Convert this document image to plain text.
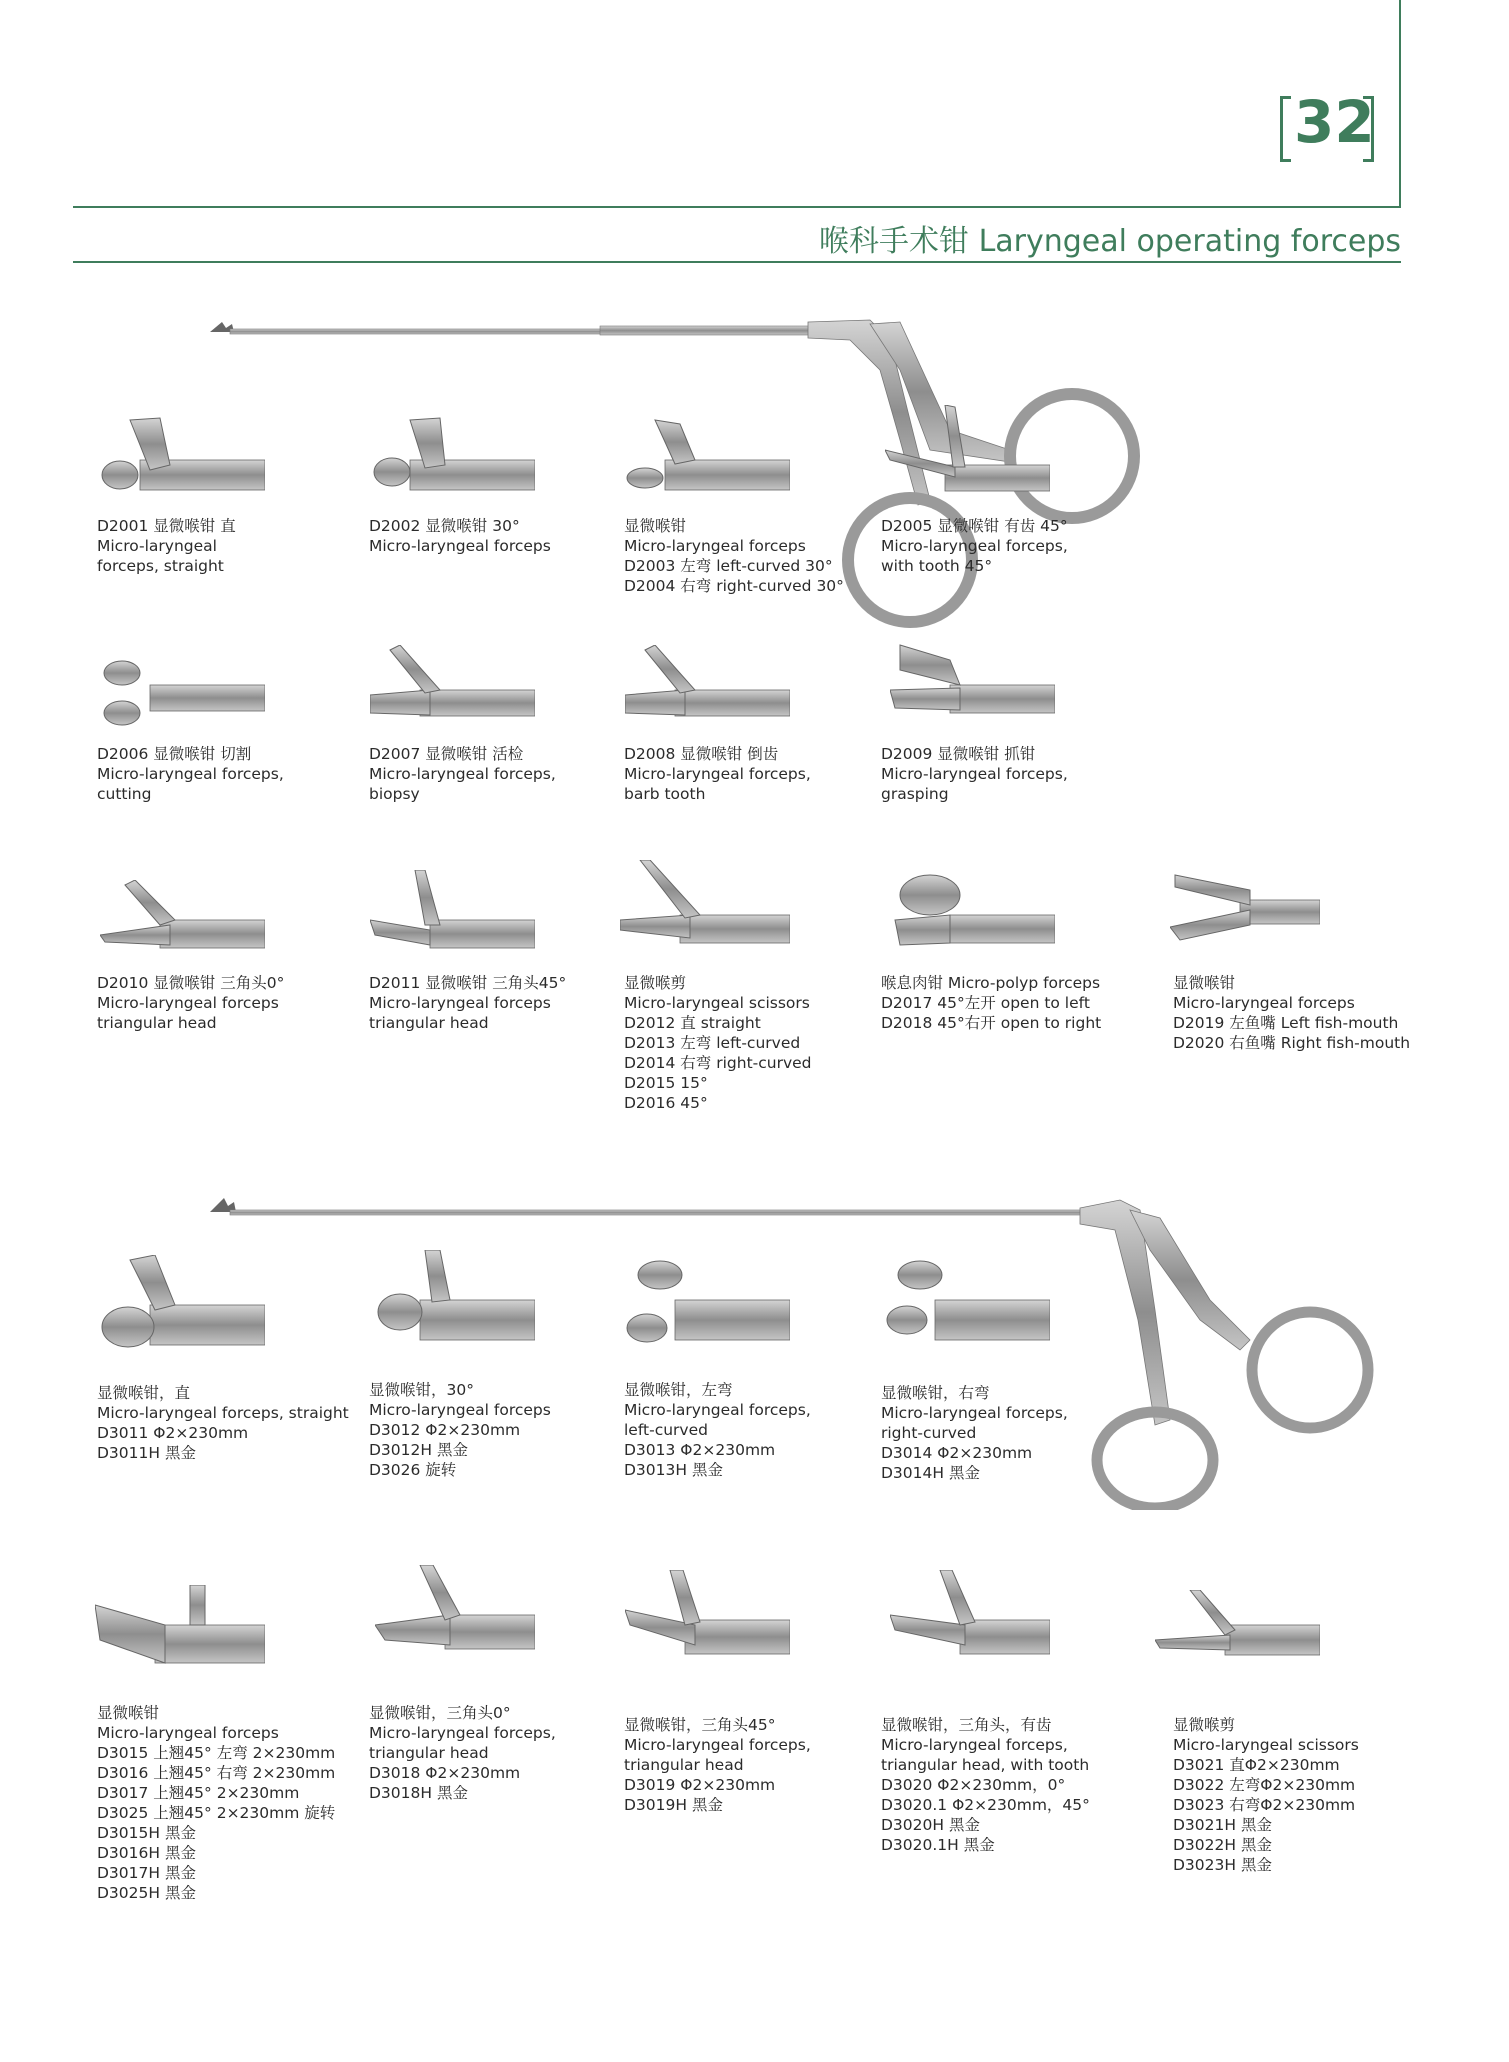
32
喉科手术钳 Laryngeal operating forceps
D2001 显微喉钳 直
Micro-laryngeal
forceps, straight
D2002 显微喉钳 30°
Micro-laryngeal forceps
显微喉钳
Micro-laryngeal forceps
D2003 左弯 left-curved 30°
D2004 右弯 right-curved 30°
D2005 显微喉钳 有齿 45°
Micro-laryngeal forceps,
with tooth 45°
D2006 显微喉钳 切割
Micro-laryngeal forceps,
cutting
D2007 显微喉钳 活检
Micro-laryngeal forceps,
biopsy
D2008 显微喉钳 倒齿
Micro-laryngeal forceps,
barb tooth
D2009 显微喉钳 抓钳
Micro-laryngeal forceps,
grasping
D2010 显微喉钳 三角头0°
Micro-laryngeal forceps
triangular head
D2011 显微喉钳 三角头45°
Micro-laryngeal forceps
triangular head
显微喉剪
Micro-laryngeal scissors
D2012 直 straight
D2013 左弯 left-curved
D2014 右弯 right-curved
D2015 15°
D2016 45°
喉息肉钳 Micro-polyp forceps
D2017 45°左开 open to left
D2018 45°右开 open to right
显微喉钳
Micro-laryngeal forceps
D2019 左鱼嘴 Left fish-mouth
D2020 右鱼嘴 Right fish-mouth
显微喉钳，直
Micro-laryngeal forceps, straight
D3011 Φ2×230mm
D3011H 黑金
显微喉钳，30°
Micro-laryngeal forceps
D3012 Φ2×230mm
D3012H 黑金
D3026 旋转
显微喉钳，左弯
Micro-laryngeal forceps,
left-curved
D3013 Φ2×230mm
D3013H 黑金
显微喉钳，右弯
Micro-laryngeal forceps,
right-curved
D3014 Φ2×230mm
D3014H 黑金
显微喉钳
Micro-laryngeal forceps
D3015 上翘45° 左弯 2×230mm
D3016 上翘45° 右弯 2×230mm
D3017 上翘45° 2×230mm
D3025 上翘45° 2×230mm 旋转
D3015H 黑金
D3016H 黑金
D3017H 黑金
D3025H 黑金
显微喉钳，三角头0°
Micro-laryngeal forceps,
triangular head
D3018 Φ2×230mm
D3018H 黑金
显微喉钳，三角头45°
Micro-laryngeal forceps,
triangular head
D3019 Φ2×230mm
D3019H 黑金
显微喉钳，三角头，有齿
Micro-laryngeal forceps,
triangular head, with tooth
D3020 Φ2×230mm，0°
D3020.1 Φ2×230mm，45°
D3020H 黑金
D3020.1H 黑金
显微喉剪
Micro-laryngeal scissors
D3021 直Φ2×230mm
D3022 左弯Φ2×230mm
D3023 右弯Φ2×230mm
D3021H 黑金
D3022H 黑金
D3023H 黑金
